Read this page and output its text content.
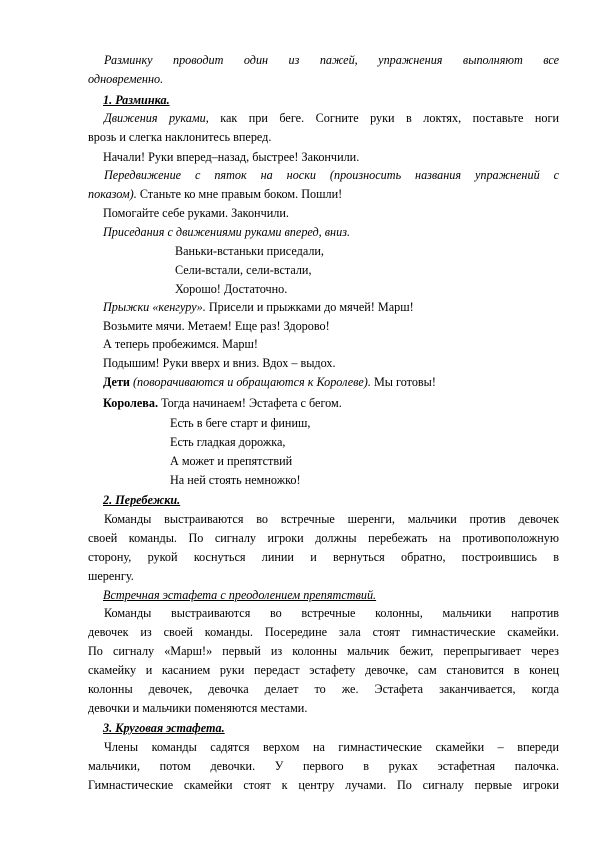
Разминку проводит один из пажей, упражнения выполняют все
одновременно.
1. Разминка.
Движения руками, как при беге. Согните руки в локтях, поставьте ноги
врозь и слегка наклонитесь вперед.
Начали! Руки вперед–назад, быстрее! Закончили.
Передвижение с пяток на носки (произносить названия упражнений с
показом). Станьте ко мне правым боком. Пошли!
Помогайте себе руками. Закончили.
Приседания с движениями руками вперед, вниз.
Ваньки-встаньки приседали,
Сели-встали, сели-встали,
Хорошо! Достаточно.
Прыжки «кенгуру». Присели и прыжками до мячей! Марш!
Возьмите мячи. Метаем! Еще раз! Здорово!
А теперь пробежимся. Марш!
Подышим! Руки вверх и вниз. Вдох – выдох.
Дети (поворачиваются и обращаются к Королеве). Мы готовы!
Королева. Тогда начинаем! Эстафета с бегом.
Есть в беге старт и финиш,
Есть гладкая дорожка,
А может и препятствий
На ней стоять немножко!
2. Перебежки.
Команды выстраиваются во встречные шеренги, мальчики против девочек
своей команды. По сигналу игроки должны перебежать на противоположную
сторону, рукой коснуться линии и вернуться обратно, построившись в
шеренгу.
Встречная эстафета с преодолением препятствий.
Команды выстраиваются во встречные колонны, мальчики напротив
девочек из своей команды. Посередине зала стоят гимнастические скамейки.
По сигналу «Марш!» первый из колонны мальчик бежит, перепрыгивает через
скамейку и касанием руки передаст эстафету девочке, сам становится в конец
колонны девочек, девочка делает то же. Эстафета заканчивается, когда
девочки и мальчики поменяются местами.
3. Круговая эстафета.
Члены команды садятся верхом на гимнастические скамейки – впереди
мальчики, потом девочки. У первого в руках эстафетная палочка.
Гимнастические скамейки стоят к центру лучами. По сигналу первые игроки
